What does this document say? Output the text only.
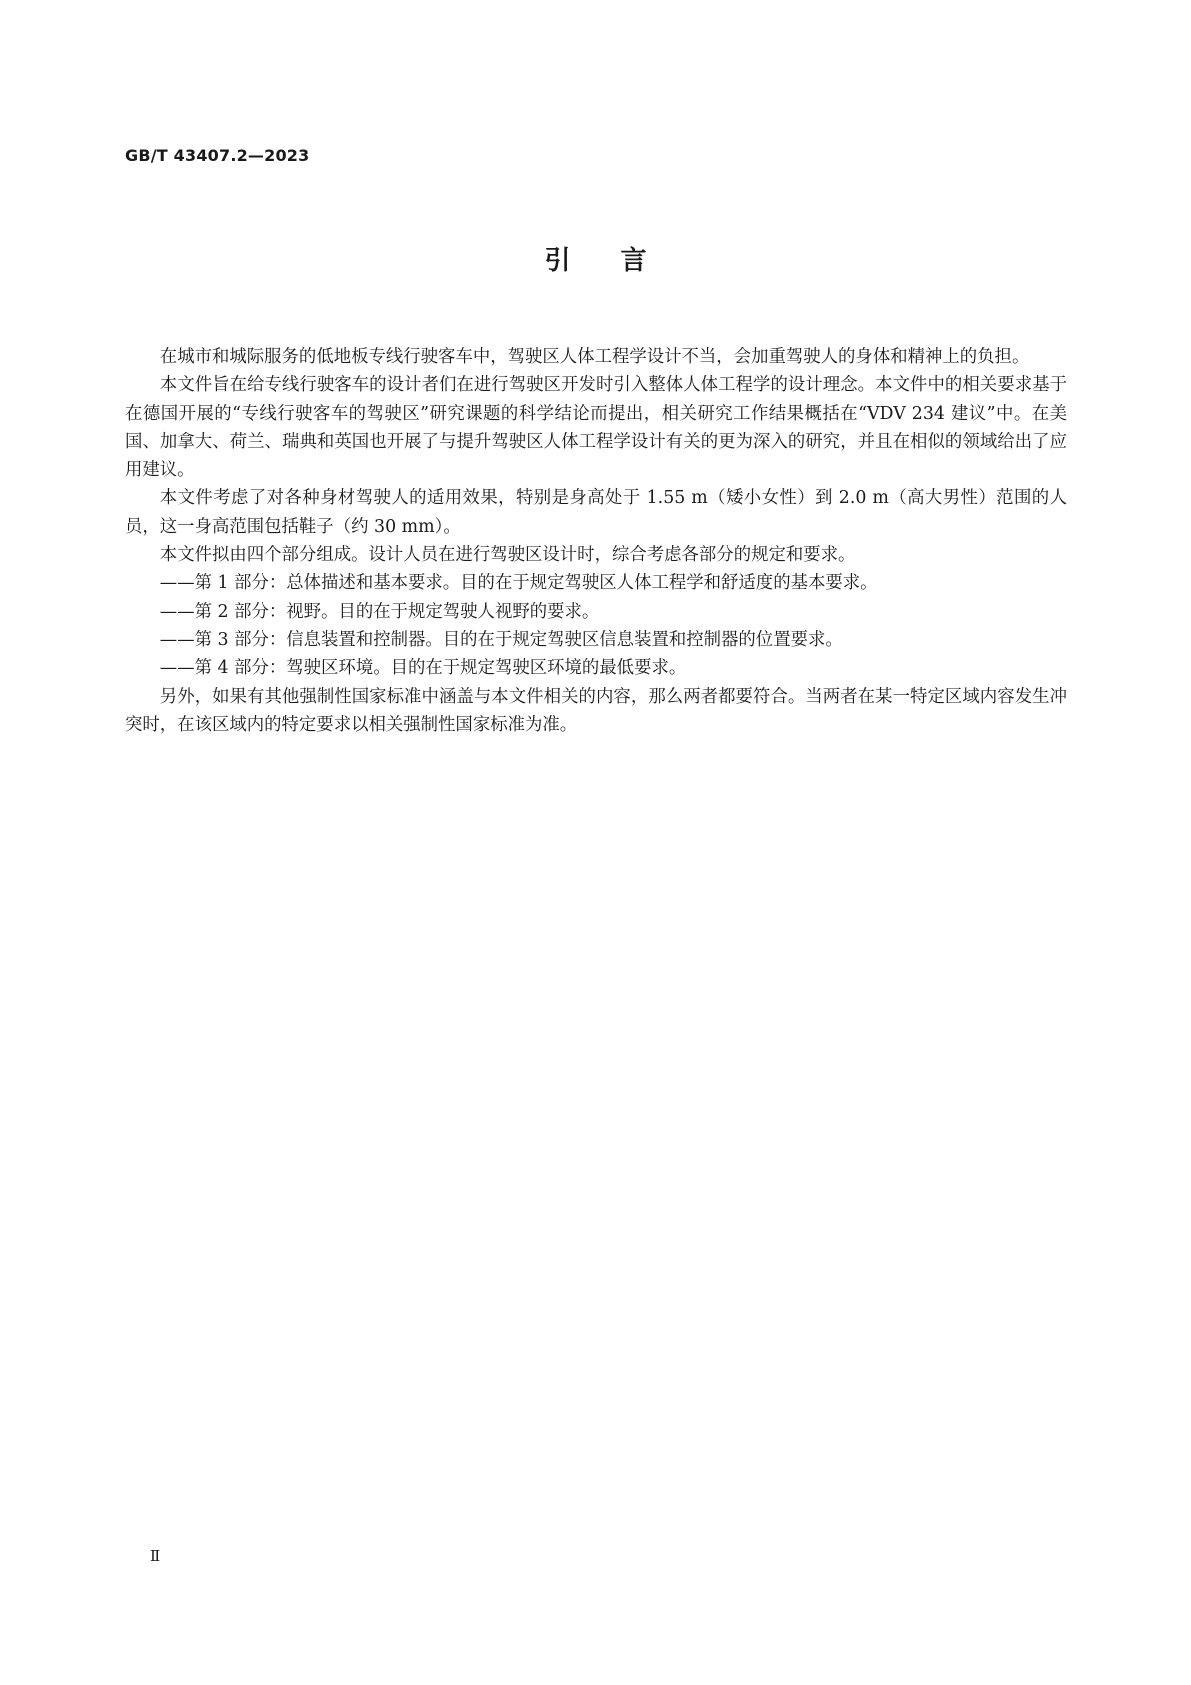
GB/T 43407.2—2023
引 言

在城市和城际服务的低地板专线行驶客车中，驾驶区人体工程学设计不当，会加重驾驶人的身体和精神上的负担。

本文件旨在给专线行驶客车的设计者们在进行驾驶区开发时引入整体人体工程学的设计理念。本文件中的相关要求基于在德国开展的“专线行驶客车的驾驶区”研究课题的科学结论而提出，相关研究工作结果概括在“VDV 234 建议”中。在美国、加拿大、荷兰、瑞典和英国也开展了与提升驾驶区人体工程学设计有关的更为深入的研究，并且在相似的领域给出了应用建议。

本文件考虑了对各种身材驾驶人的适用效果，特别是身高处于 1.55 m（矮小女性）到 2.0 m（高大男性）范围的人员，这一身高范围包括鞋子（约 30 mm）。

本文件拟由四个部分组成。设计人员在进行驾驶区设计时，综合考虑各部分的规定和要求。

——第 1 部分：总体描述和基本要求。目的在于规定驾驶区人体工程学和舒适度的基本要求。

——第 2 部分：视野。目的在于规定驾驶人视野的要求。

——第 3 部分：信息装置和控制器。目的在于规定驾驶区信息装置和控制器的位置要求。

——第 4 部分：驾驶区环境。目的在于规定驾驶区环境的最低要求。

另外，如果有其他强制性国家标准中涵盖与本文件相关的内容，那么两者都要符合。当两者在某一特定区域内容发生冲突时，在该区域内的特定要求以相关强制性国家标准为准。

Ⅱ
